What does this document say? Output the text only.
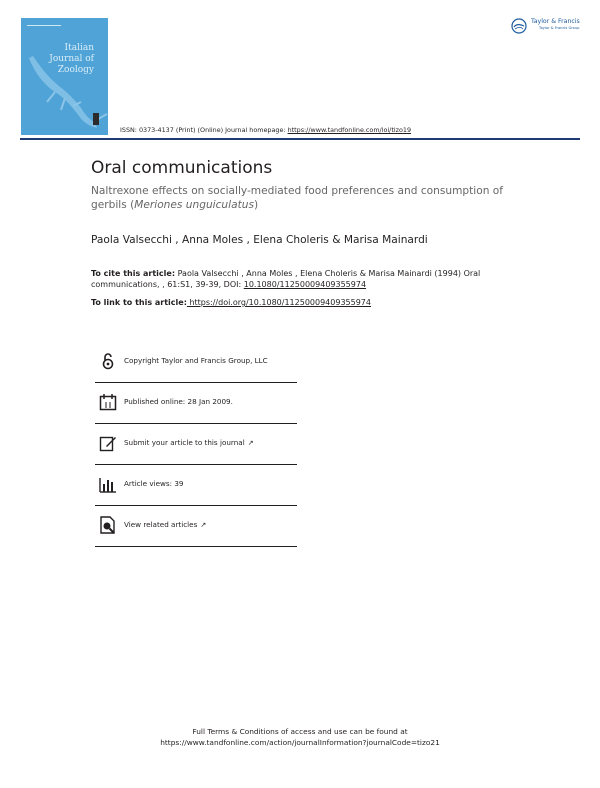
Italian
Journal of
Zoology
ISSN: 0373-4137 (Print) (Online) Journal homepage: https://www.tandfonline.com/loi/tizo19
Taylor & Francis
Taylor & Francis Group
Oral communications
Naltrexone effects on socially-mediated food preferences and consumption of gerbils (Meriones unguiculatus)
Paola Valsecchi , Anna Moles , Elena Choleris & Marisa Mainardi
To cite this article: Paola Valsecchi , Anna Moles , Elena Choleris & Marisa Mainardi (1994) Oral communications, , 61:S1, 39-39, DOI: 10.1080/11250009409355974
To link to this article: https://doi.org/10.1080/11250009409355974
Copyright Taylor and Francis Group, LLC
Published online: 28 Jan 2009.
Submit your article to this journal ↗
Article views: 39
View related articles ↗
Full Terms & Conditions of access and use can be found at
https://www.tandfonline.com/action/journalInformation?journalCode=tizo21
